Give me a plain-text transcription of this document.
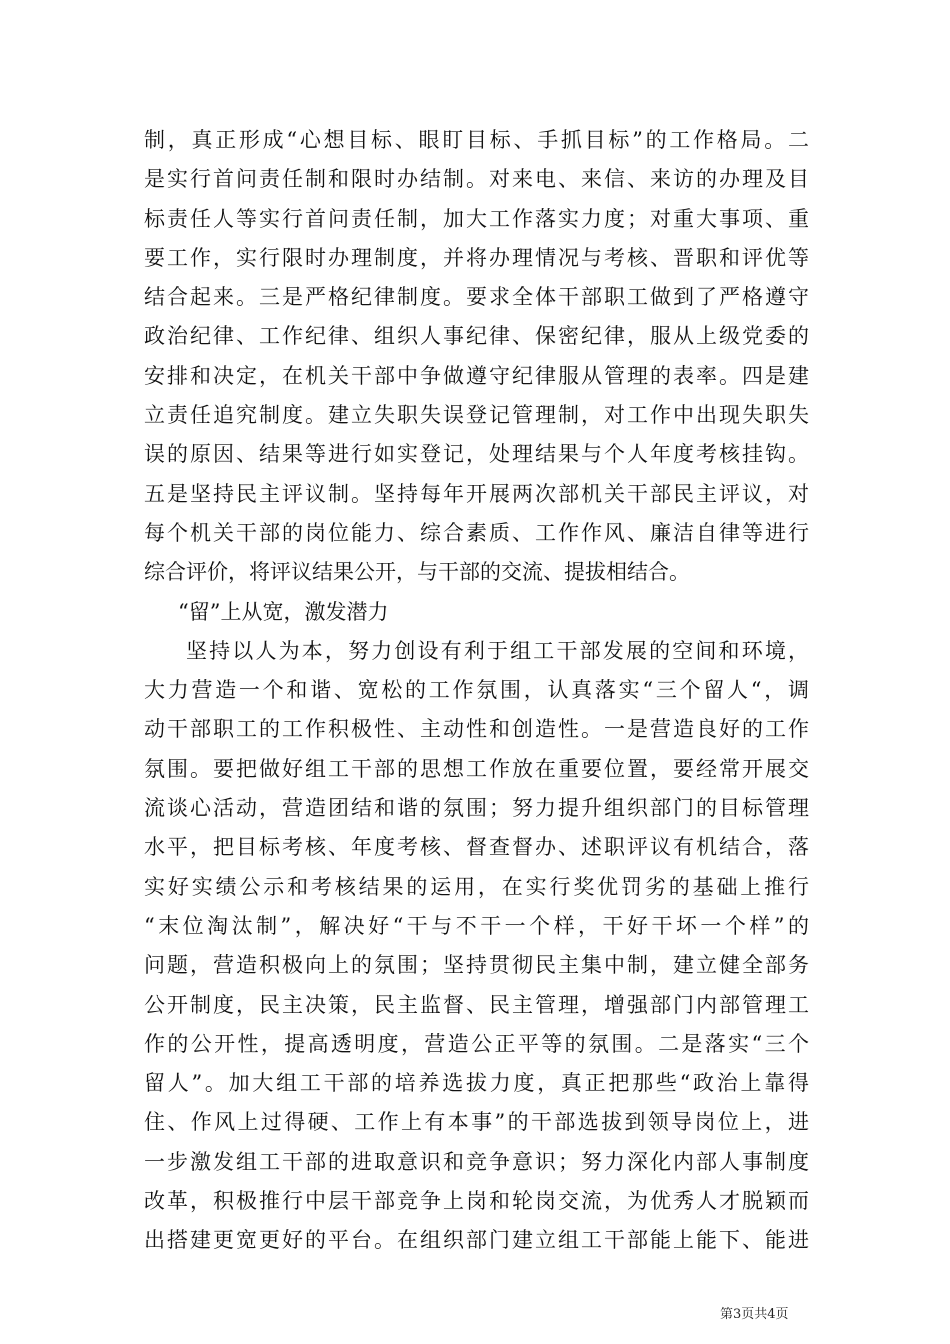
制，真正形成“心想目标、眼盯目标、手抓目标”的工作格局。二
是实行首问责任制和限时办结制。对来电、来信、来访的办理及目
标责任人等实行首问责任制，加大工作落实力度；对重大事项、重
要工作，实行限时办理制度，并将办理情况与考核、晋职和评优等
结合起来。三是严格纪律制度。要求全体干部职工做到了严格遵守
政治纪律、工作纪律、组织人事纪律、保密纪律，服从上级党委的
安排和决定，在机关干部中争做遵守纪律服从管理的表率。四是建
立责任追究制度。建立失职失误登记管理制，对工作中出现失职失
误的原因、结果等进行如实登记，处理结果与个人年度考核挂钩。
五是坚持民主评议制。坚持每年开展两次部机关干部民主评议，对
每个机关干部的岗位能力、综合素质、工作作风、廉洁自律等进行
综合评价，将评议结果公开，与干部的交流、提拔相结合。
“留”上从宽，激发潜力
坚持以人为本，努力创设有利于组工干部发展的空间和环境，
大力营造一个和谐、宽松的工作氛围，认真落实“三个留人“，调
动干部职工的工作积极性、主动性和创造性。一是营造良好的工作
氛围。要把做好组工干部的思想工作放在重要位置，要经常开展交
流谈心活动，营造团结和谐的氛围；努力提升组织部门的目标管理
水平，把目标考核、年度考核、督查督办、述职评议有机结合，落
实好实绩公示和考核结果的运用，在实行奖优罚劣的基础上推行
“末位淘汰制”，解决好“干与不干一个样，干好干坏一个样”的
问题，营造积极向上的氛围；坚持贯彻民主集中制，建立健全部务
公开制度，民主决策，民主监督、民主管理，增强部门内部管理工
作的公开性，提高透明度，营造公正平等的氛围。二是落实“三个
留人”。加大组工干部的培养选拔力度，真正把那些“政治上靠得
住、作风上过得硬、工作上有本事”的干部选拔到领导岗位上，进
一步激发组工干部的进取意识和竞争意识；努力深化内部人事制度
改革，积极推行中层干部竞争上岗和轮岗交流，为优秀人才脱颖而
出搭建更宽更好的平台。在组织部门建立组工干部能上能下、能进
第3页共4页
